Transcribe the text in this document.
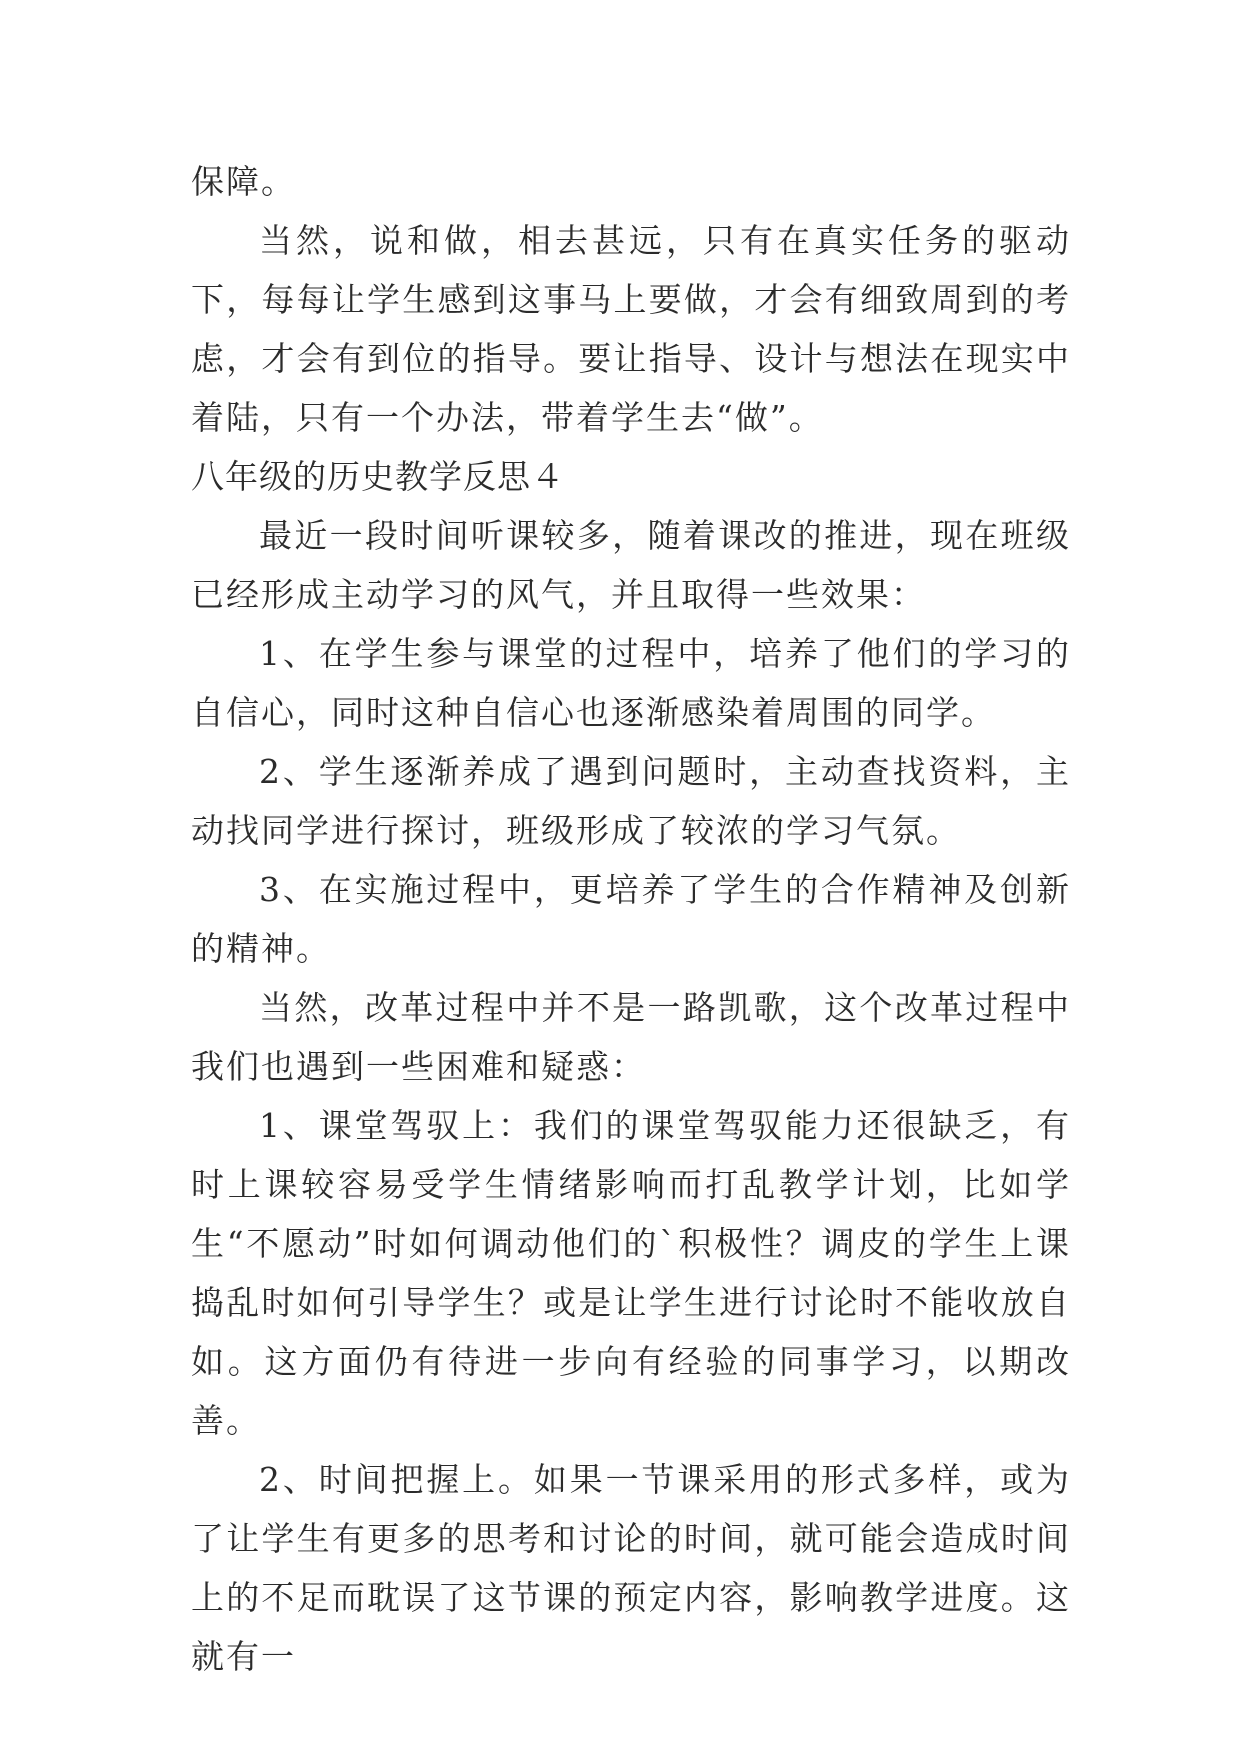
保障。

当然，说和做，相去甚远，只有在真实任务的驱动下，每每让学生感到这事马上要做，才会有细致周到的考虑，才会有到位的指导。要让指导、设计与想法在现实中着陆，只有一个办法，带着学生去“做”。

八年级的历史教学反思４

最近一段时间听课较多，随着课改的推进，现在班级已经形成主动学习的风气，并且取得一些效果：

1、在学生参与课堂的过程中，培养了他们的学习的自信心，同时这种自信心也逐渐感染着周围的同学。

2、学生逐渐养成了遇到问题时，主动查找资料，主动找同学进行探讨，班级形成了较浓的学习气氛。

3、在实施过程中，更培养了学生的合作精神及创新的精神。

当然，改革过程中并不是一路凯歌，这个改革过程中我们也遇到一些困难和疑惑：

1、课堂驾驭上：我们的课堂驾驭能力还很缺乏，有时上课较容易受学生情绪影响而打乱教学计划，比如学生“不愿动”时如何调动他们的`积极性？调皮的学生上课捣乱时如何引导学生？或是让学生进行讨论时不能收放自如。这方面仍有待进一步向有经验的同事学习，以期改善。

2、时间把握上。如果一节课采用的形式多样，或为了让学生有更多的思考和讨论的时间，就可能会造成时间上的不足而耽误了这节课的预定内容，影响教学进度。这就有一
